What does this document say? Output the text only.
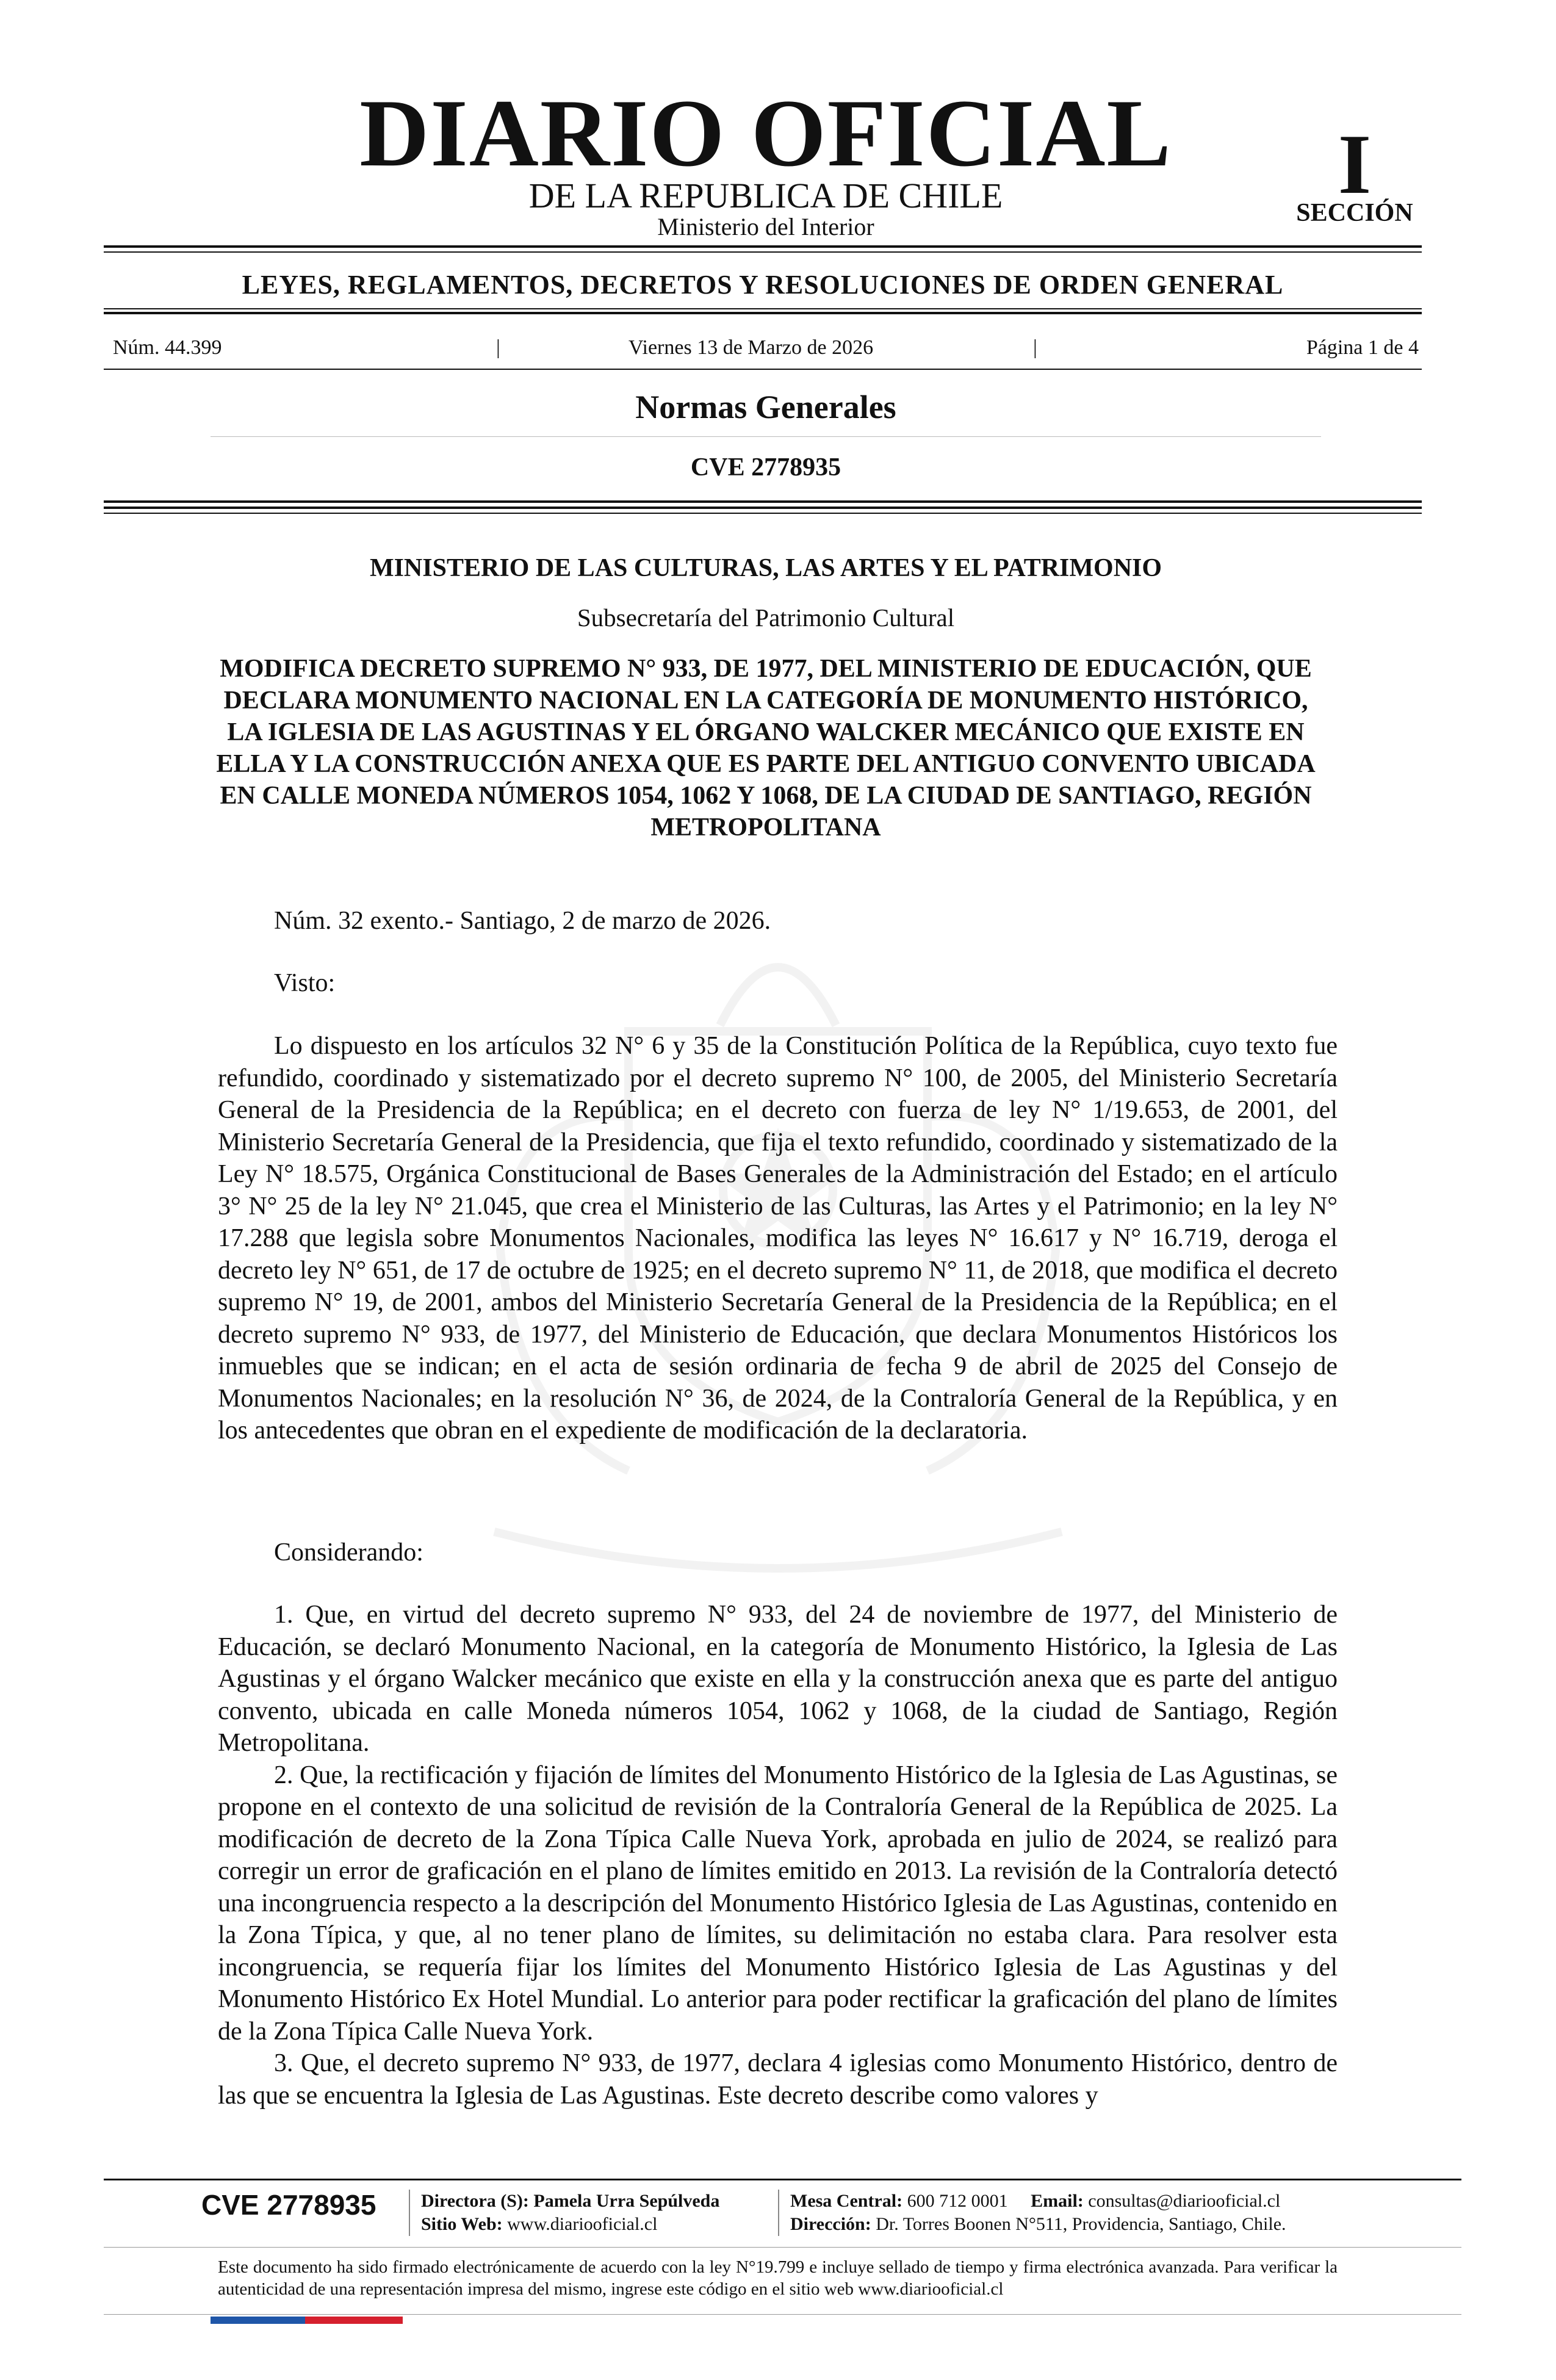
DIARIO OFICIAL
DE LA REPUBLICA DE CHILE
Ministerio del Interior
I
SECCIÓN
LEYES, REGLAMENTOS, DECRETOS Y RESOLUCIONES DE ORDEN GENERAL
Núm. 44.399	|	Viernes 13 de Marzo de 2026	|	Página 1 de 4
Normas Generales
CVE 2778935
MINISTERIO DE LAS CULTURAS, LAS ARTES Y EL PATRIMONIO
Subsecretaría del Patrimonio Cultural
MODIFICA DECRETO SUPREMO N° 933, DE 1977, DEL MINISTERIO DE EDUCACIÓN, QUE DECLARA MONUMENTO NACIONAL EN LA CATEGORÍA DE MONUMENTO HISTÓRICO, LA IGLESIA DE LAS AGUSTINAS Y EL ÓRGANO WALCKER MECÁNICO QUE EXISTE EN ELLA Y LA CONSTRUCCIÓN ANEXA QUE ES PARTE DEL ANTIGUO CONVENTO UBICADA EN CALLE MONEDA NÚMEROS 1054, 1062 Y 1068, DE LA CIUDAD DE SANTIAGO, REGIÓN METROPOLITANA
Núm. 32 exento.- Santiago, 2 de marzo de 2026.
Visto:

Lo dispuesto en los artículos 32 N° 6 y 35 de la Constitución Política de la República, cuyo texto fue refundido, coordinado y sistematizado por el decreto supremo N° 100, de 2005, del Ministerio Secretaría General de la Presidencia de la República; en el decreto con fuerza de ley N° 1/19.653, de 2001, del Ministerio Secretaría General de la Presidencia, que fija el texto refundido, coordinado y sistematizado de la Ley N° 18.575, Orgánica Constitucional de Bases Generales de la Administración del Estado; en el artículo 3° N° 25 de la ley N° 21.045, que crea el Ministerio de las Culturas, las Artes y el Patrimonio; en la ley N° 17.288 que legisla sobre Monumentos Nacionales, modifica las leyes N° 16.617 y N° 16.719, deroga el decreto ley N° 651, de 17 de octubre de 1925; en el decreto supremo N° 11, de 2018, que modifica el decreto supremo N° 19, de 2001, ambos del Ministerio Secretaría General de la Presidencia de la República; en el decreto supremo N° 933, de 1977, del Ministerio de Educación, que declara Monumentos Históricos los inmuebles que se indican; en el acta de sesión ordinaria de fecha 9 de abril de 2025 del Consejo de Monumentos Nacionales; en la resolución N° 36, de 2024, de la Contraloría General de la República, y en los antecedentes que obran en el expediente de modificación de la declaratoria.

Considerando:

1. Que, en virtud del decreto supremo N° 933, del 24 de noviembre de 1977, del Ministerio de Educación, se declaró Monumento Nacional, en la categoría de Monumento Histórico, la Iglesia de Las Agustinas y el órgano Walcker mecánico que existe en ella y la construcción anexa que es parte del antiguo convento, ubicada en calle Moneda números 1054, 1062 y 1068, de la ciudad de Santiago, Región Metropolitana.

2. Que, la rectificación y fijación de límites del Monumento Histórico de la Iglesia de Las Agustinas, se propone en el contexto de una solicitud de revisión de la Contraloría General de la República de 2025. La modificación de decreto de la Zona Típica Calle Nueva York, aprobada en julio de 2024, se realizó para corregir un error de graficación en el plano de límites emitido en 2013. La revisión de la Contraloría detectó una incongruencia respecto a la descripción del Monumento Histórico Iglesia de Las Agustinas, contenido en la Zona Típica, y que, al no tener plano de límites, su delimitación no estaba clara. Para resolver esta incongruencia, se requería fijar los límites del Monumento Histórico Iglesia de Las Agustinas y del Monumento Histórico Ex Hotel Mundial. Lo anterior para poder rectificar la graficación del plano de límites de la Zona Típica Calle Nueva York.

3. Que, el decreto supremo N° 933, de 1977, declara 4 iglesias como Monumento Histórico, dentro de las que se encuentra la Iglesia de Las Agustinas. Este decreto describe como valores y

CVE 2778935 Directora (S): Pamela Urra Sepúlveda
Sitio Web: www.diariooficial.cl
Mesa Central: 600 712 0001 Email: consultas@diariooficial.cl
Dirección: Dr. Torres Boonen N°511, Providencia, Santiago, Chile.
Este documento ha sido firmado electrónicamente de acuerdo con la ley N°19.799 e incluye sellado de tiempo y firma electrónica avanzada. Para verificar la autenticidad de una representación impresa del mismo, ingrese este código en el sitio web www.diariooficial.cl
